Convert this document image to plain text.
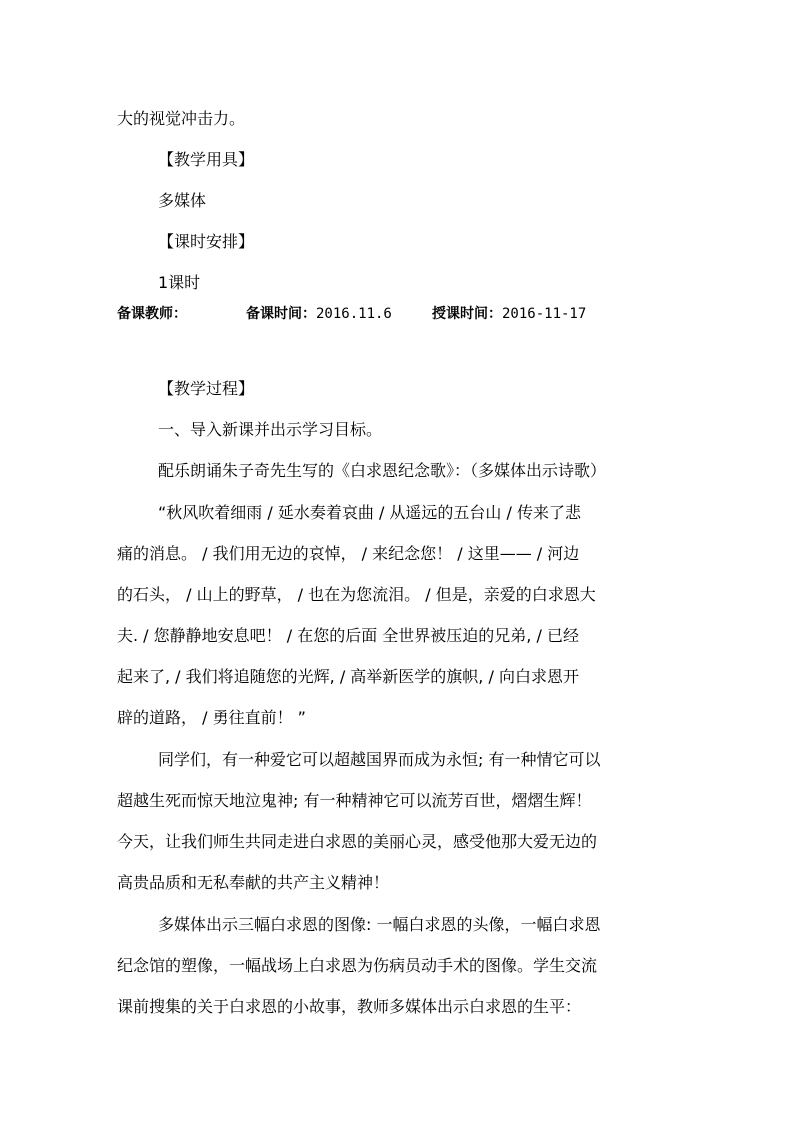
大的视觉冲击力。
【教学用具】
多媒体
【课时安排】
1课时
备课教师：	备课时间：2016.11.6	授课时间：2016-11-17
【教学过程】
一、导入新课并出示学习目标。
配乐朗诵朱子奇先生写的《白求恩纪念歌》：（多媒体出示诗歌）
“秋风吹着细雨 / 延水奏着哀曲 / 从遥远的五台山 / 传来了悲
痛的消息。 / 我们用无边的哀悼， / 来纪念您！ / 这里—— / 河边
的石头， / 山上的野草， / 也在为您流泪。 / 但是，亲爱的白求恩大
夫. / 您静静地安息吧！ / 在您的后面 全世界被压迫的兄弟, / 已经
起来了, / 我们将追随您的光辉, / 高举新医学的旗帜, / 向白求恩开
辟的道路， / 勇往直前！ ”
同学们，有一种爱它可以超越国界而成为永恒; 有一种情它可以
超越生死而惊天地泣鬼神; 有一种精神它可以流芳百世，熠熠生辉！
今天，让我们师生共同走进白求恩的美丽心灵，感受他那大爱无边的
高贵品质和无私奉献的共产主义精神！
多媒体出示三幅白求恩的图像: 一幅白求恩的头像，一幅白求恩
纪念馆的塑像，一幅战场上白求恩为伤病员动手术的图像。学生交流
课前搜集的关于白求恩的小故事，教师多媒体出示白求恩的生平：
